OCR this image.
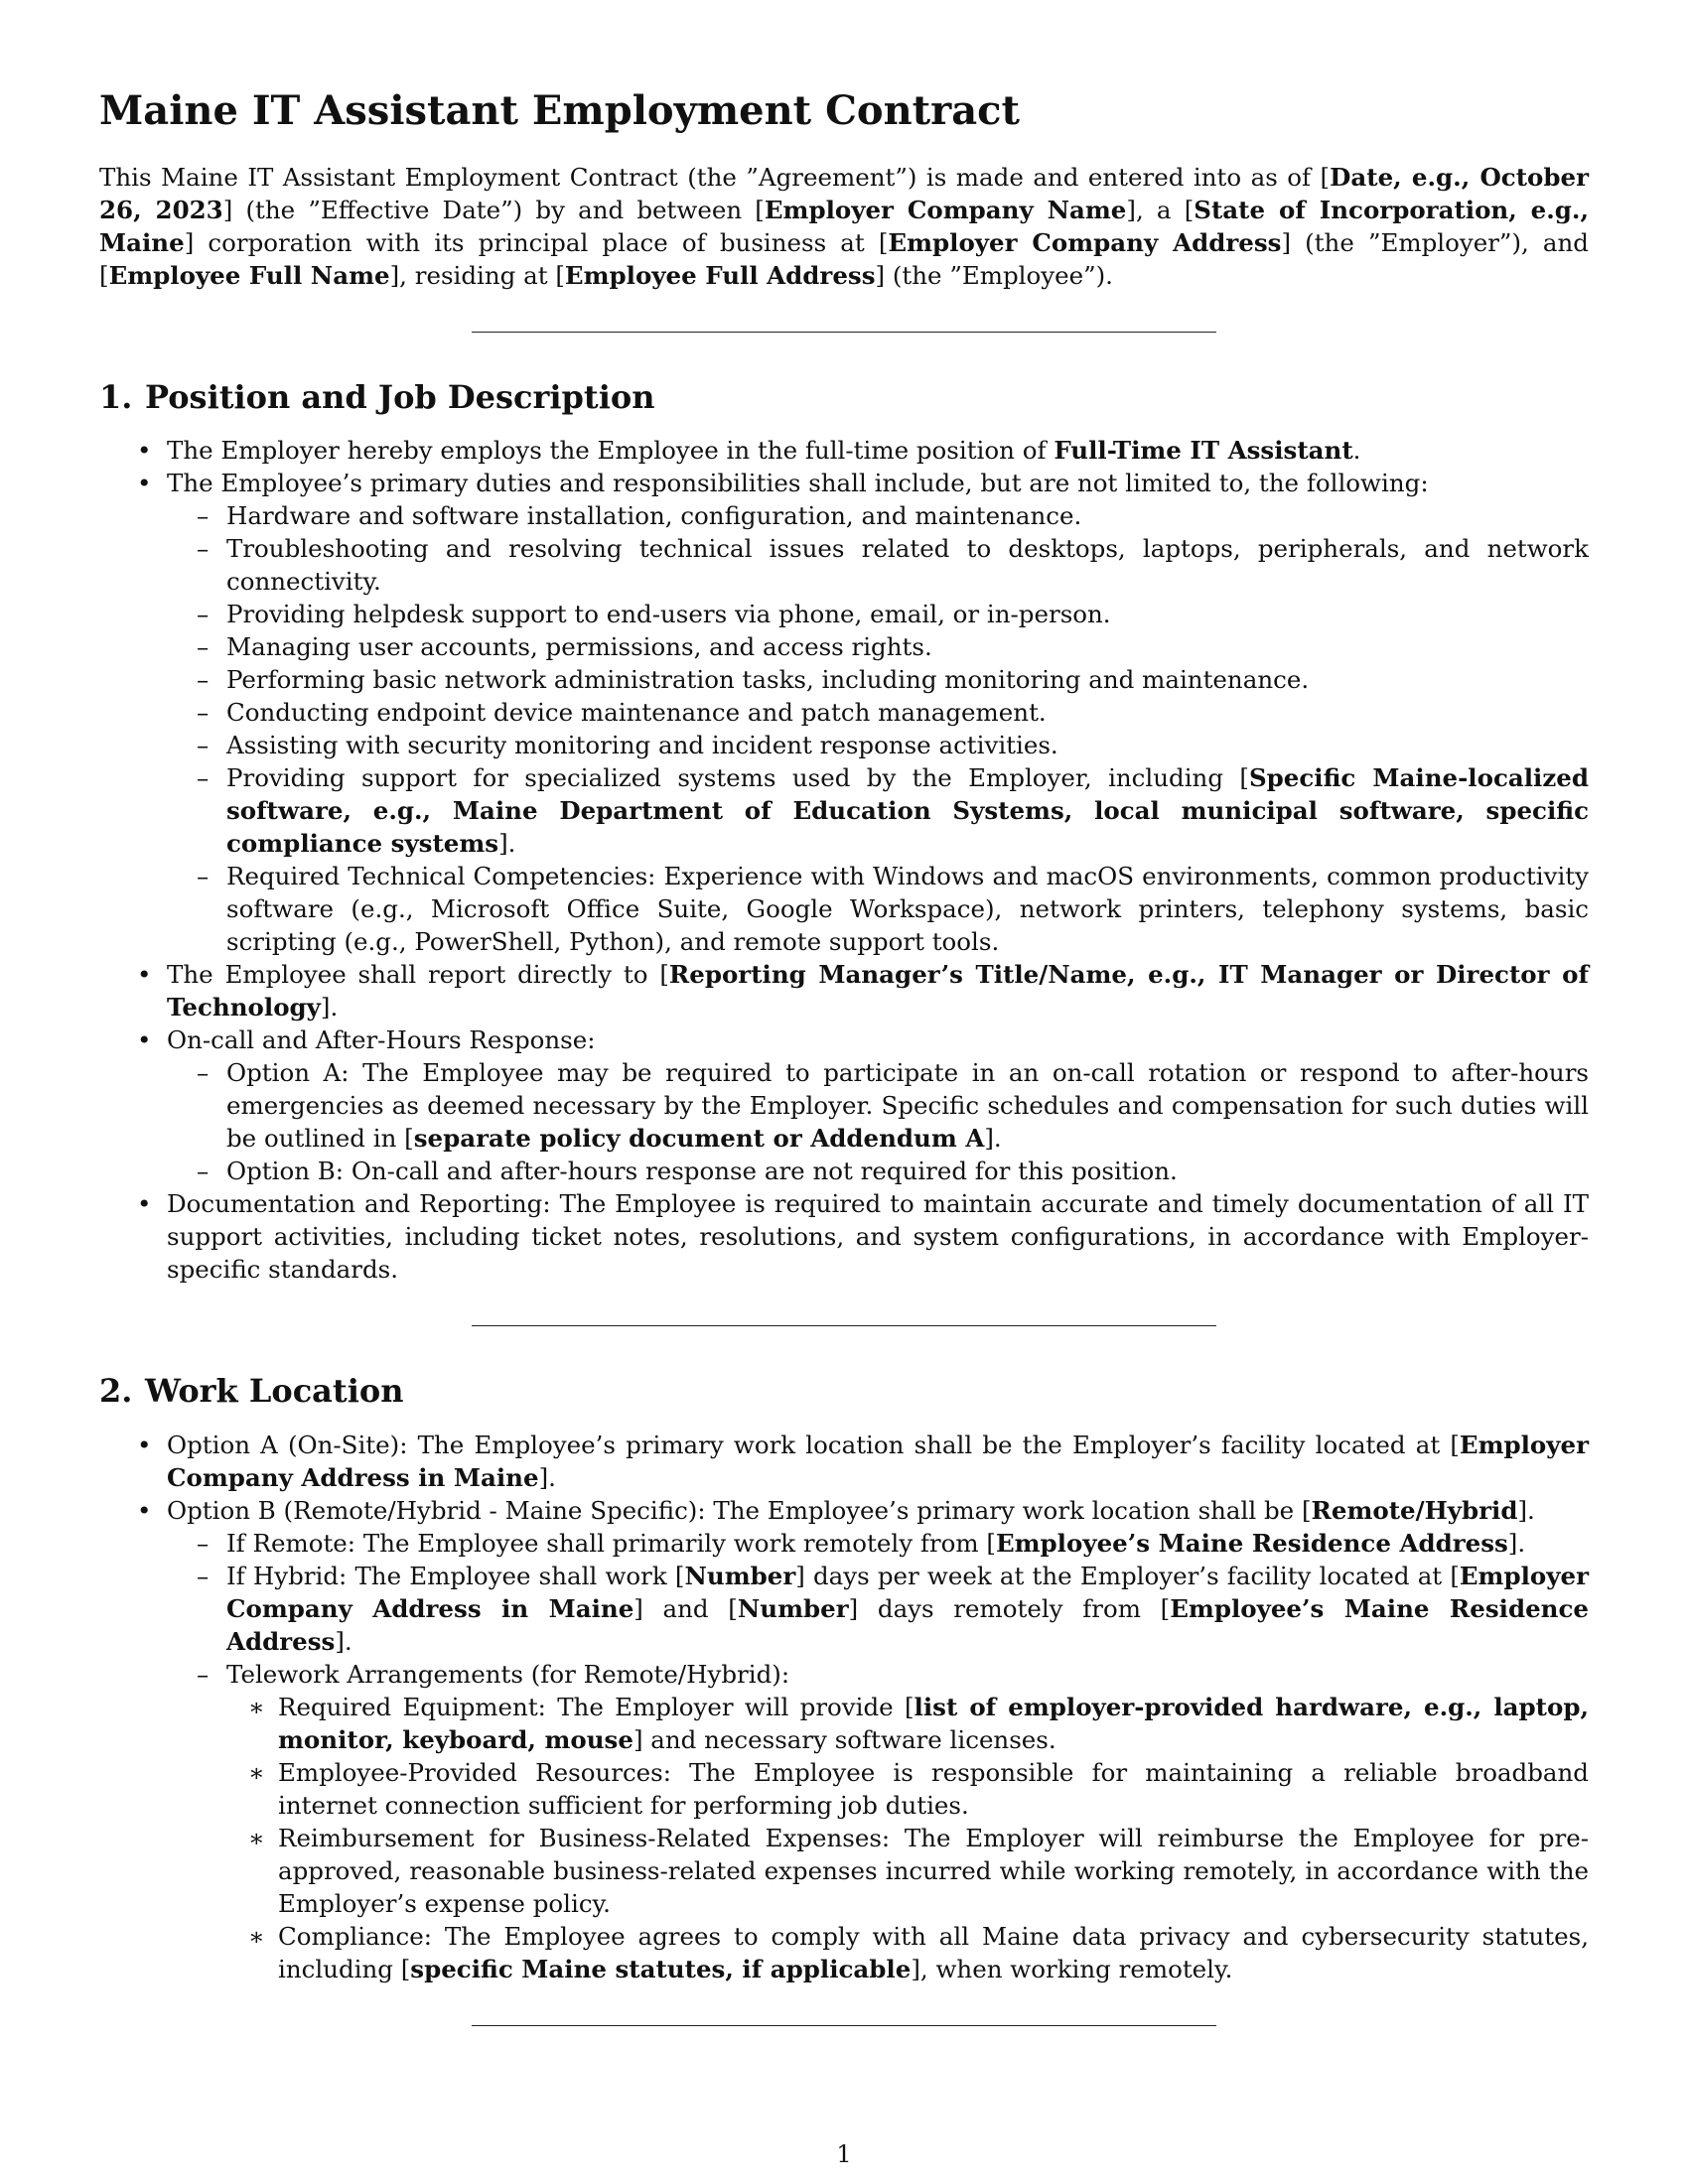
Maine IT Assistant Employment Contract

This Maine IT Assistant Employment Contract (the ”Agreement”) is made and entered into as of [Date, e.g., October 26, 2023] (the ”Effective Date”) by and between [Employer Company Name], a [State of Incorporation, e.g., Maine] corporation with its principal place of business at [Employer Company Address] (the ”Employer”), and [Employee Full Name], residing at [Employee Full Address] (the ”Employee”).

1. Position and Job Description
• The Employer hereby employs the Employee in the full-time position of Full-Time IT Assistant.
• The Employee’s primary duties and responsibilities shall include, but are not limited to, the following:
– Hardware and software installation, configuration, and maintenance.
– Troubleshooting and resolving technical issues related to desktops, laptops, peripherals, and network connectivity.
– Providing helpdesk support to end-users via phone, email, or in-person.
– Managing user accounts, permissions, and access rights.
– Performing basic network administration tasks, including monitoring and maintenance.
– Conducting endpoint device maintenance and patch management.
– Assisting with security monitoring and incident response activities.
– Providing support for specialized systems used by the Employer, including [Specific Maine-localized software, e.g., Maine Department of Education Systems, local municipal software, specific compliance systems].
– Required Technical Competencies: Experience with Windows and macOS environments, common productivity software (e.g., Microsoft Office Suite, Google Workspace), network printers, telephony systems, basic scripting (e.g., PowerShell, Python), and remote support tools.
• The Employee shall report directly to [Reporting Manager’s Title/Name, e.g., IT Manager or Director of Technology].
• On-call and After-Hours Response:
– Option A: The Employee may be required to participate in an on-call rotation or respond to after-hours emergencies as deemed necessary by the Employer. Specific schedules and compensation for such duties will be outlined in [separate policy document or Addendum A].
– Option B: On-call and after-hours response are not required for this position.
• Documentation and Reporting: The Employee is required to maintain accurate and timely documentation of all IT support activities, including ticket notes, resolutions, and system configurations, in accordance with Employer-specific standards.
2. Work Location
• Option A (On-Site): The Employee’s primary work location shall be the Employer’s facility located at [Employer Company Address in Maine].
• Option B (Remote/Hybrid - Maine Specific): The Employee’s primary work location shall be [Remote/Hybrid].
– If Remote: The Employee shall primarily work remotely from [Employee’s Maine Residence Address].
– If Hybrid: The Employee shall work [Number] days per week at the Employer’s facility located at [Employer Company Address in Maine] and [Number] days remotely from [Employee’s Maine Residence Address].
– Telework Arrangements (for Remote/Hybrid):
∗ Required Equipment: The Employer will provide [list of employer-provided hardware, e.g., laptop, monitor, keyboard, mouse] and necessary software licenses.
∗ Employee-Provided Resources: The Employee is responsible for maintaining a reliable broadband internet connection sufficient for performing job duties.
∗ Reimbursement for Business-Related Expenses: The Employer will reimburse the Employee for pre-approved, reasonable business-related expenses incurred while working remotely, in accordance with the Employer’s expense policy.
∗ Compliance: The Employee agrees to comply with all Maine data privacy and cybersecurity statutes, including [specific Maine statutes, if applicable], when working remotely.
1
